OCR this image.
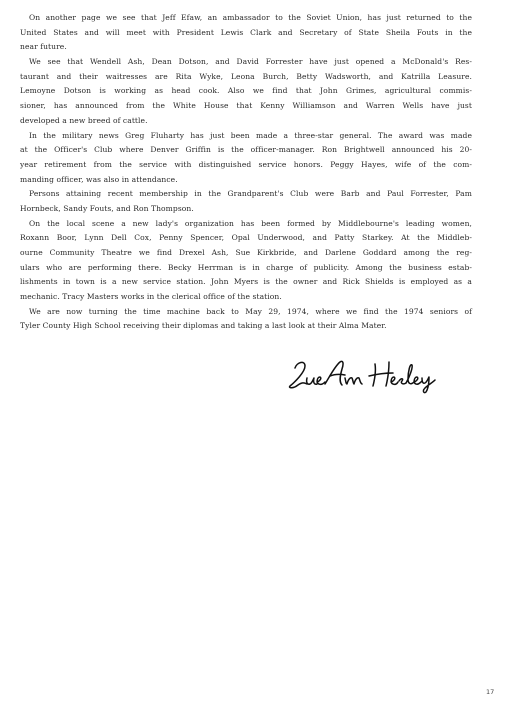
On another page we see that Jeff Efaw, an ambassador to the Soviet Union, has just returned to the
United States and will meet with President Lewis Clark and Secretary of State Sheila Fouts in the
near future.
We see that Wendell Ash, Dean Dotson, and David Forrester have just opened a McDonald's Res-
taurant and their waitresses are Rita Wyke, Leona Burch, Betty Wadsworth, and Katrilla Leasure.
Lemoyne Dotson is working as head cook. Also we find that John Grimes, agricultural commis-
sioner, has announced from the White House that Kenny Williamson and Warren Wells have just
developed a new breed of cattle.
In the military news Greg Fluharty has just been made a three-star general. The award was made
at the Officer's Club where Denver Griffin is the officer-manager. Ron Brightwell announced his 20-
year retirement from the service with distinguished service honors. Peggy Hayes, wife of the com-
manding officer, was also in attendance.
Persons attaining recent membership in the Grandparent's Club were Barb and Paul Forrester, Pam
Hornbeck, Sandy Fouts, and Ron Thompson.
On the local scene a new lady's organization has been formed by Middlebourne's leading women,
Roxann Boor, Lynn Dell Cox, Penny Spencer, Opal Underwood, and Patty Starkey. At the Middleb-
ourne Community Theatre we find Drexel Ash, Sue Kirkbride, and Darlene Goddard among the reg-
ulars who are performing there. Becky Herrman is in charge of publicity. Among the business estab-
lishments in town is a new service station. John Myers is the owner and Rick Shields is employed as a
mechanic. Tracy Masters works in the clerical office of the station.
We are now turning the time machine back to May 29, 1974, where we find the 1974 seniors of
Tyler County High School receiving their diplomas and taking a last look at their Alma Mater.
17
